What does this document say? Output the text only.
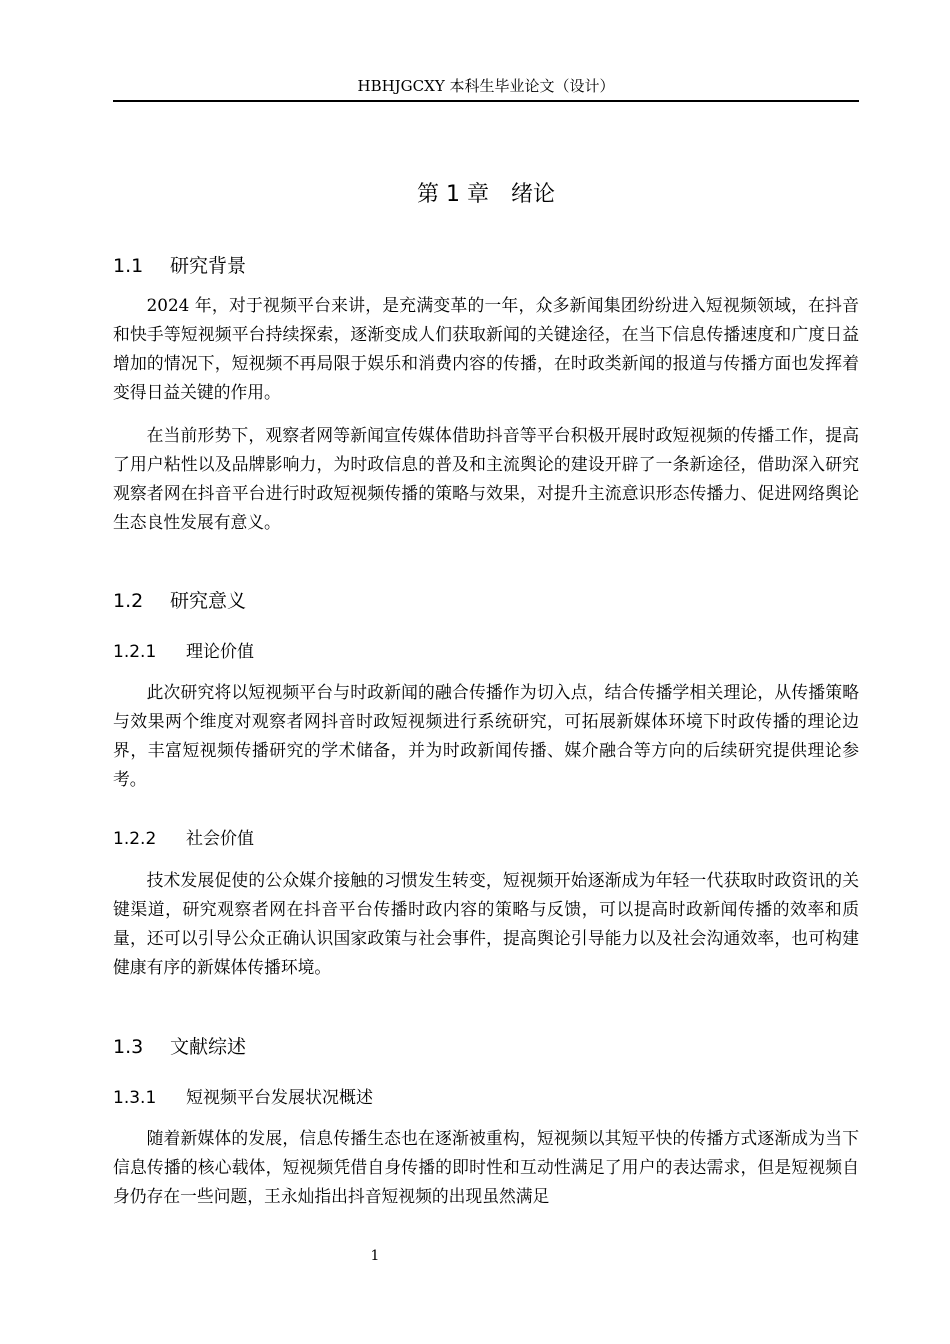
HBHJGCXY 本科生毕业论文（设计）
第 1 章　绪论
1.1 研究背景

2024 年，对于视频平台来讲，是充满变革的一年，众多新闻集团纷纷进入短视频领域，在抖音和快手等短视频平台持续探索，逐渐变成人们获取新闻的关键途径，在当下信息传播速度和广度日益增加的情况下，短视频不再局限于娱乐和消费内容的传播，在时政类新闻的报道与传播方面也发挥着变得日益关键的作用。

在当前形势下，观察者网等新闻宣传媒体借助抖音等平台积极开展时政短视频的传播工作，提高了用户粘性以及品牌影响力，为时政信息的普及和主流舆论的建设开辟了一条新途径，借助深入研究观察者网在抖音平台进行时政短视频传播的策略与效果，对提升主流意识形态传播力、促进网络舆论生态良性发展有意义。

1.2 研究意义
1.2.1 理论价值

此次研究将以短视频平台与时政新闻的融合传播作为切入点，结合传播学相关理论，从传播策略与效果两个维度对观察者网抖音时政短视频进行系统研究，可拓展新媒体环境下时政传播的理论边界，丰富短视频传播研究的学术储备，并为时政新闻传播、媒介融合等方向的后续研究提供理论参考。

1.2.2 社会价值

技术发展促使的公众媒介接触的习惯发生转变，短视频开始逐渐成为年轻一代获取时政资讯的关键渠道，研究观察者网在抖音平台传播时政内容的策略与反馈，可以提高时政新闻传播的效率和质量，还可以引导公众正确认识国家政策与社会事件，提高舆论引导能力以及社会沟通效率，也可构建健康有序的新媒体传播环境。

1.3 文献综述
1.3.1 短视频平台发展状况概述

随着新媒体的发展，信息传播生态也在逐渐被重构，短视频以其短平快的传播方式逐渐成为当下信息传播的核心载体，短视频凭借自身传播的即时性和互动性满足了用户的表达需求，但是短视频自身仍存在一些问题，王永灿指出抖音短视频的出现虽然满足

1
